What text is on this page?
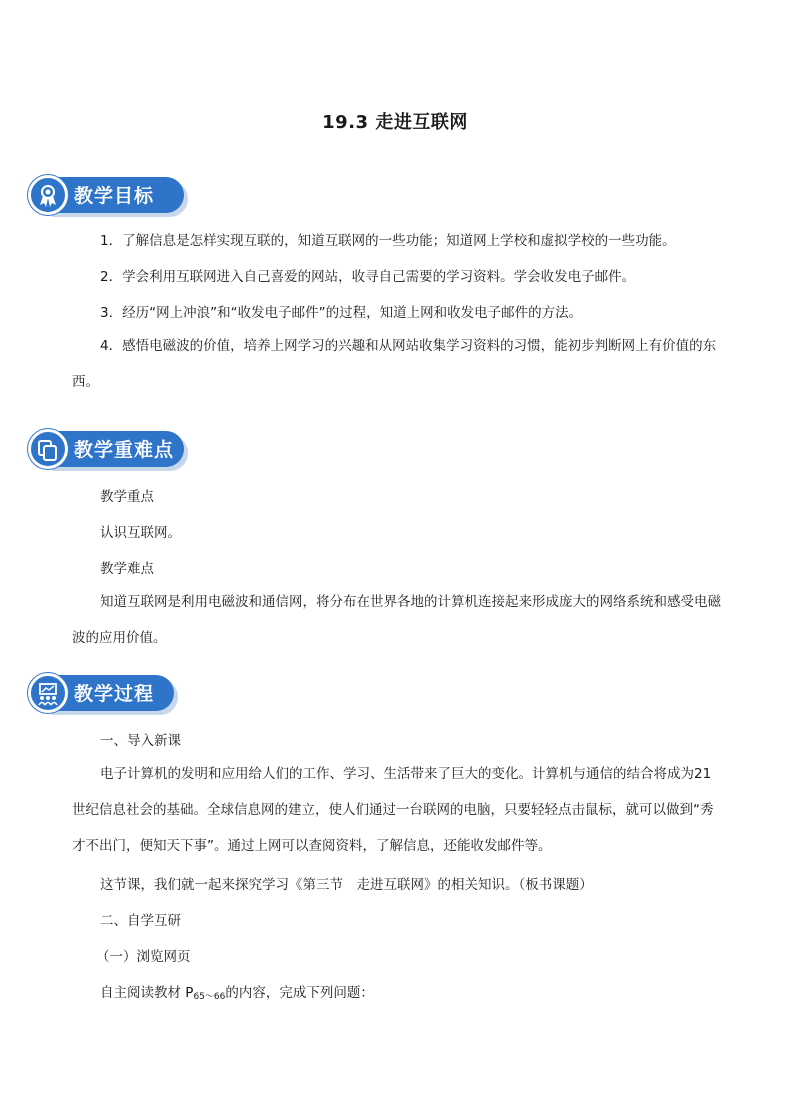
19.3 走进互联网
教学目标
1．了解信息是怎样实现互联的，知道互联网的一些功能；知道网上学校和虚拟学校的一些功能。
2．学会利用互联网进入自己喜爱的网站，收寻自己需要的学习资料。学会收发电子邮件。
3．经历“网上冲浪”和“收发电子邮件”的过程，知道上网和收发电子邮件的方法。
4．感悟电磁波的价值，培养上网学习的兴趣和从网站收集学习资料的习惯，能初步判断网上有价值的东西。
教学重难点
教学重点
认识互联网。
教学难点
知道互联网是利用电磁波和通信网，将分布在世界各地的计算机连接起来形成庞大的网络系统和感受电磁波的应用价值。
教学过程
一、导入新课
电子计算机的发明和应用给人们的工作、学习、生活带来了巨大的变化。计算机与通信的结合将成为21世纪信息社会的基础。全球信息网的建立，使人们通过一台联网的电脑，只要轻轻点击鼠标，就可以做到“秀才不出门，便知天下事”。通过上网可以查阅资料，了解信息，还能收发邮件等。
这节课，我们就一起来探究学习《第三节　走进互联网》的相关知识。（板书课题）
二、自学互研
（一）浏览网页
自主阅读教材 $P_{65\sim 66}$的内容，完成下列问题：
